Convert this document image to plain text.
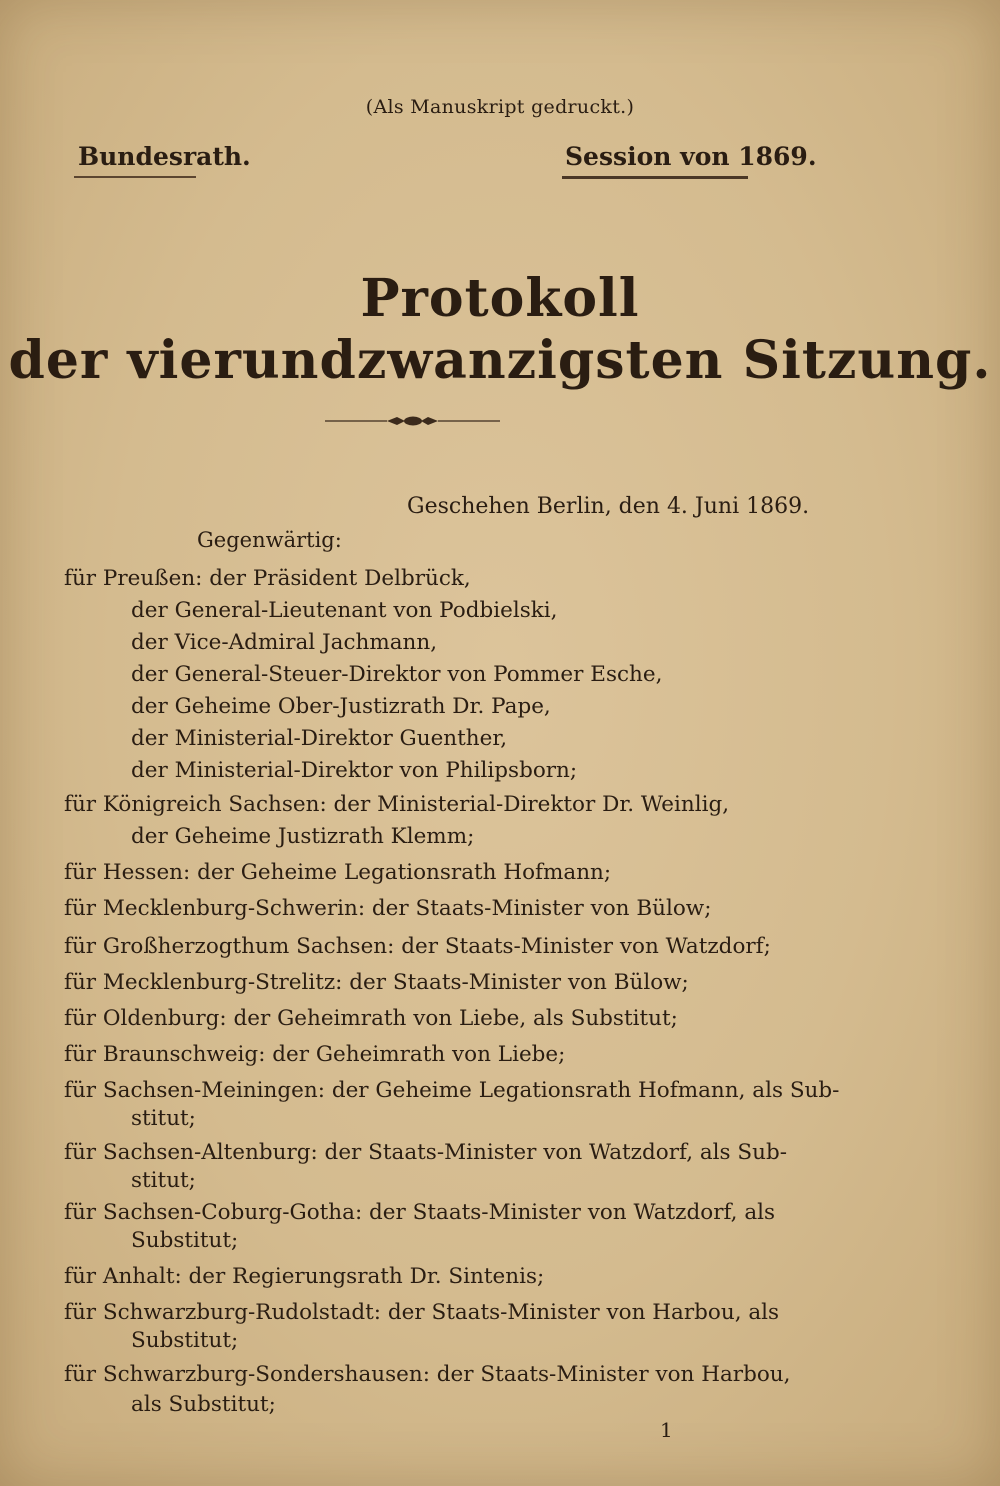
(Als Manuskript gedruckt.)
Bundesrath.	Session von 1869.
Protokoll
der vierundzwanzigsten Sitzung.
Geschehen Berlin, den 4. Juni 1869.
Gegenwärtig:
für Preußen: der Präsident Delbrück,
der General-Lieutenant von Podbielski,
der Vice-Admiral Jachmann,
der General-Steuer-Direktor von Pommer Esche,
der Geheime Ober-Justizrath Dr. Pape,
der Ministerial-Direktor Guenther,
der Ministerial-Direktor von Philipsborn;
für Königreich Sachsen: der Ministerial-Direktor Dr. Weinlig,
der Geheime Justizrath Klemm;
für Hessen: der Geheime Legationsrath Hofmann;
für Mecklenburg-Schwerin: der Staats-Minister von Bülow;
für Großherzogthum Sachsen: der Staats-Minister von Watzdorf;
für Mecklenburg-Strelitz: der Staats-Minister von Bülow;
für Oldenburg: der Geheimrath von Liebe, als Substitut;
für Braunschweig: der Geheimrath von Liebe;
für Sachsen-Meiningen: der Geheime Legationsrath Hofmann, als Sub-
stitut;
für Sachsen-Altenburg: der Staats-Minister von Watzdorf, als Sub-
stitut;
für Sachsen-Coburg-Gotha: der Staats-Minister von Watzdorf, als
Substitut;
für Anhalt: der Regierungsrath Dr. Sintenis;
für Schwarzburg-Rudolstadt: der Staats-Minister von Harbou, als
Substitut;
für Schwarzburg-Sondershausen: der Staats-Minister von Harbou,
als Substitut;
1
